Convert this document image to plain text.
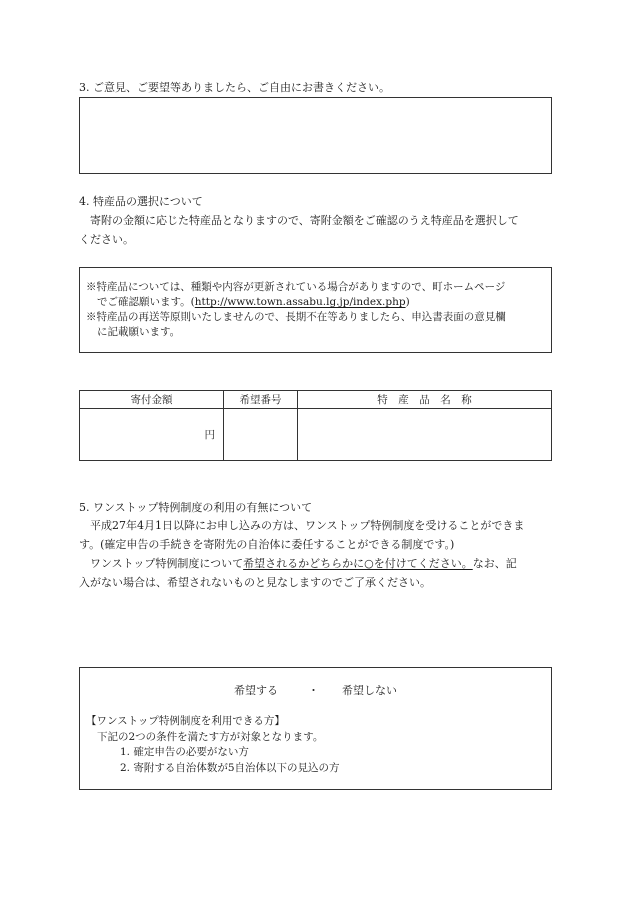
3. ご意見、ご要望等ありましたら、ご自由にお書きください。
4. 特産品の選択について
寄附の金額に応じた特産品となりますので、寄附金額をご確認のうえ特産品を選択して
ください。
※特産品については、種類や内容が更新されている場合がありますので、町ホームページ
でご確認願います。(http://www.town.assabu.lg.jp/index.php)
※特産品の再送等原則いたしませんので、長期不在等ありましたら、申込書表面の意見欄
に記載願います。
寄付金額	希望番号	特　産　品　名　称
円		
5. ワンストップ特例制度の利用の有無について
平成27年4月1日以降にお申し込みの方は、ワンストップ特例制度を受けることができま
す。(確定申告の手続きを寄附先の自治体に委任することができる制度です。)
ワンストップ特例制度について希望されるかどちらかに○を付けてください。なお、記
入がない場合は、希望されないものと見なしますのでご了承ください。
希望する	・ 希望しない
【ワンストップ特例制度を利用できる方】
下記の2つの条件を満たす方が対象となります。
1. 確定申告の必要がない方
2. 寄附する自治体数が5自治体以下の見込の方
